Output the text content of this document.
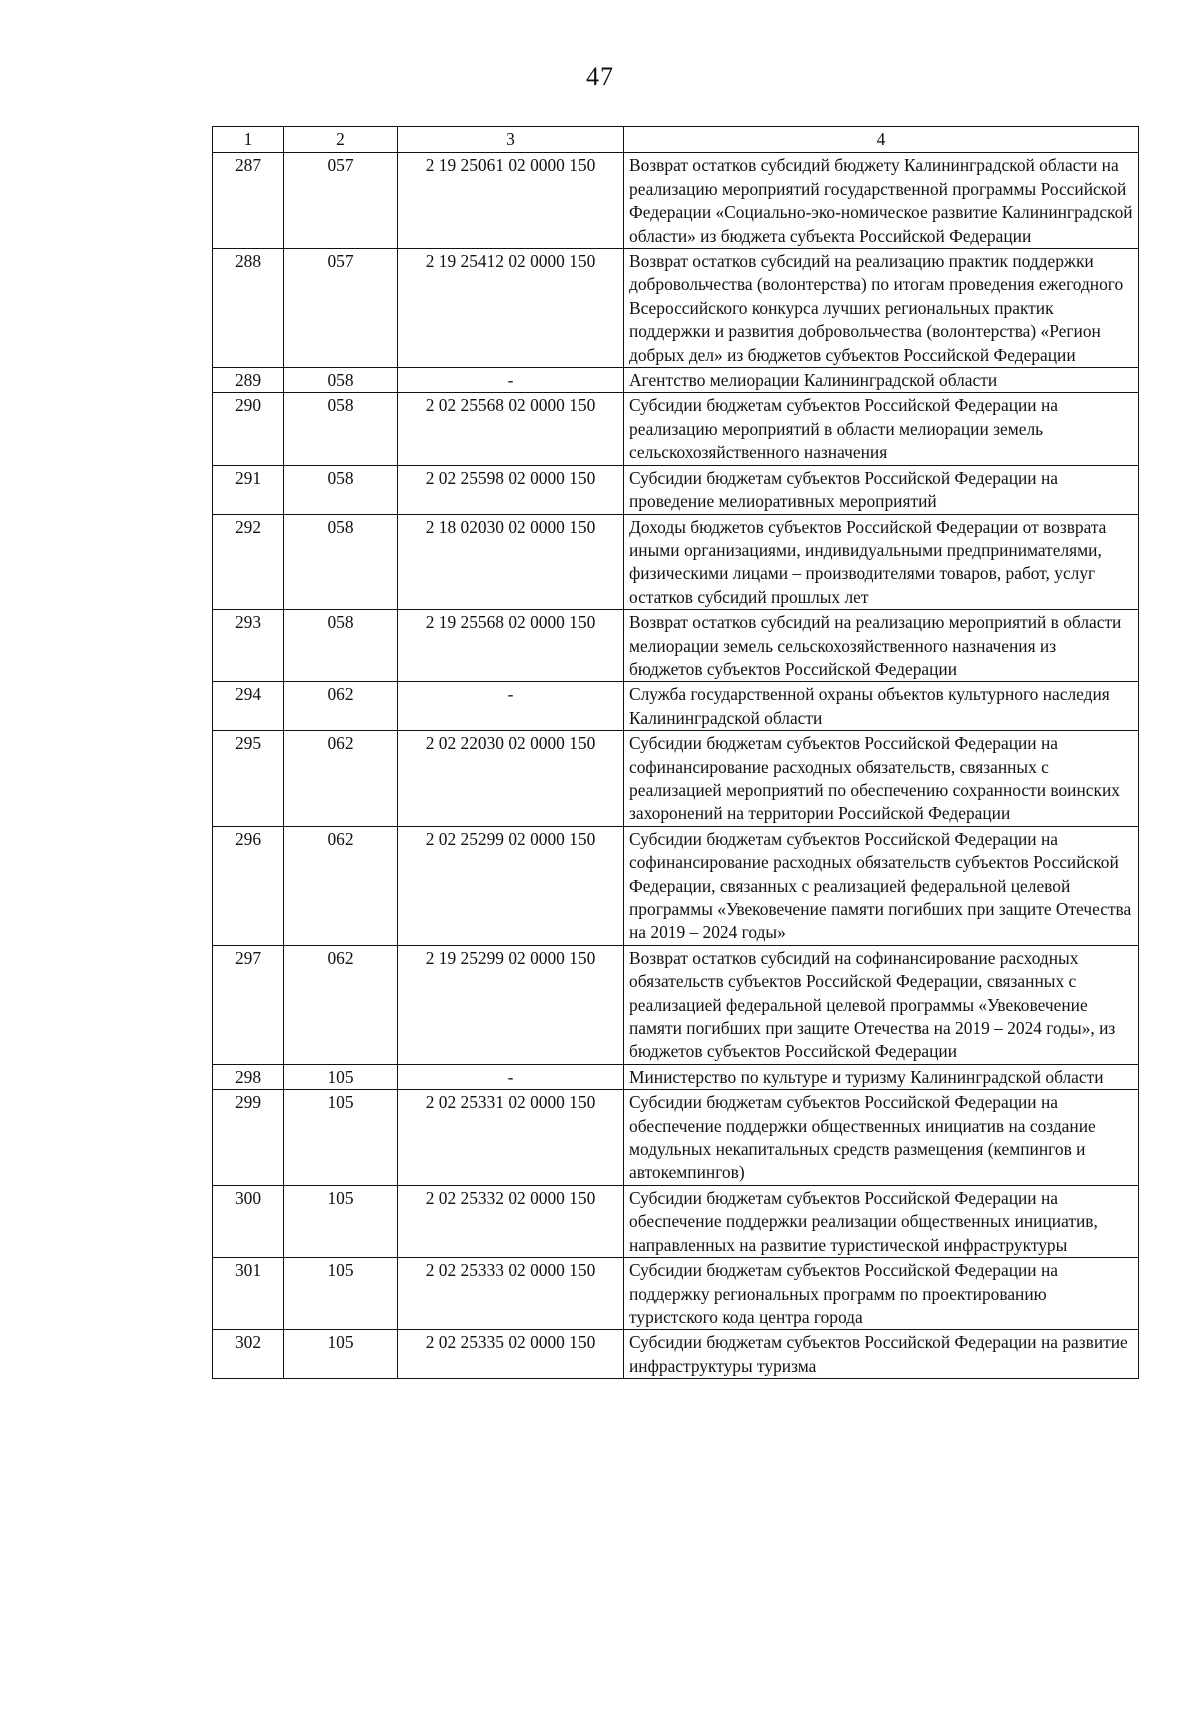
47
1	2	3	4
287	057	2 19 25061 02 0000 150	Возврат остатков субсидий бюджету Калининградской области на реализацию мероприятий государственной программы Российской Федерации «Социально-эко-номическое развитие Калининградской области» из бюджета субъекта Российской Федерации
288	057	2 19 25412 02 0000 150	Возврат остатков субсидий на реализацию практик поддержки добровольчества (волонтерства) по итогам проведения ежегодного Всероссийского конкурса лучших региональных практик поддержки и развития добровольчества (волонтерства) «Регион добрых дел» из бюджетов субъектов Российской Федерации
289	058	-	Агентство мелиорации Калининградской области
290	058	2 02 25568 02 0000 150	Субсидии бюджетам субъектов Российской Федерации на реализацию мероприятий в области мелиорации земель сельскохозяйственного назначения
291	058	2 02 25598 02 0000 150	Субсидии бюджетам субъектов Российской Федерации на проведение мелиоративных мероприятий
292	058	2 18 02030 02 0000 150	Доходы бюджетов субъектов Российской Федерации от возврата иными организациями, индивидуальными предпринимателями, физическими лицами – производителями товаров, работ, услуг остатков субсидий прошлых лет
293	058	2 19 25568 02 0000 150	Возврат остатков субсидий на реализацию мероприятий в области мелиорации земель сельскохозяйственного назначения из бюджетов субъектов Российской Федерации
294	062	-	Служба государственной охраны объектов культурного наследия Калининградской области
295	062	2 02 22030 02 0000 150	Субсидии бюджетам субъектов Российской Федерации на софинансирование расходных обязательств, связанных с реализацией мероприятий по обеспечению сохранности воинских захоронений на территории Российской Федерации
296	062	2 02 25299 02 0000 150	Субсидии бюджетам субъектов Российской Федерации на софинансирование расходных обязательств субъектов Российской Федерации, связанных с реализацией федеральной целевой программы «Увековечение памяти погибших при защите Отечества на 2019 – 2024 годы»
297	062	2 19 25299 02 0000 150	Возврат остатков субсидий на софинансирование расходных обязательств субъектов Российской Федерации, связанных с реализацией федеральной целевой программы «Увековечение памяти погибших при защите Отечества на 2019 – 2024 годы», из бюджетов субъектов Российской Федерации
298	105	-	Министерство по культуре и туризму Калининградской области
299	105	2 02 25331 02 0000 150	Субсидии бюджетам субъектов Российской Федерации на обеспечение поддержки общественных инициатив на создание модульных некапитальных средств размещения (кемпингов и автокемпингов)
300	105	2 02 25332 02 0000 150	Субсидии бюджетам субъектов Российской Федерации на обеспечение поддержки реализации общественных инициатив, направленных на развитие туристической инфраструктуры
301	105	2 02 25333 02 0000 150	Субсидии бюджетам субъектов Российской Федерации на поддержку региональных программ по проектированию туристского кода центра города
302	105	2 02 25335 02 0000 150	Субсидии бюджетам субъектов Российской Федерации на развитие инфраструктуры туризма
